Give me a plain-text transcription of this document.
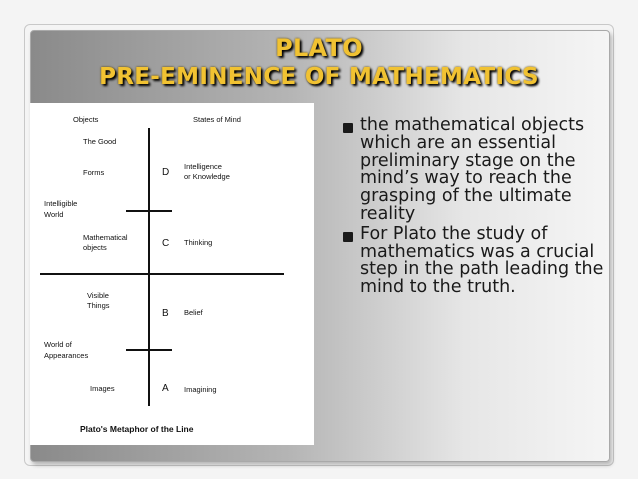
PLATO
PRE-EMINENCE OF MATHEMATICS
Objects	States of Mind
The Good
Forms	D
Intelligence
or Knowledge
Intelligible
World
Mathematical
objects	C Thinking
Visible
Things
B Belief
World of
Appearances
Images	A Imagining
Plato's Metaphor of the Line
the mathematical objects which are an essential preliminary stage on the mind’s way to reach the grasping of the ultimate reality
For Plato the study of mathematics was a crucial step in the path leading the mind to the truth.
